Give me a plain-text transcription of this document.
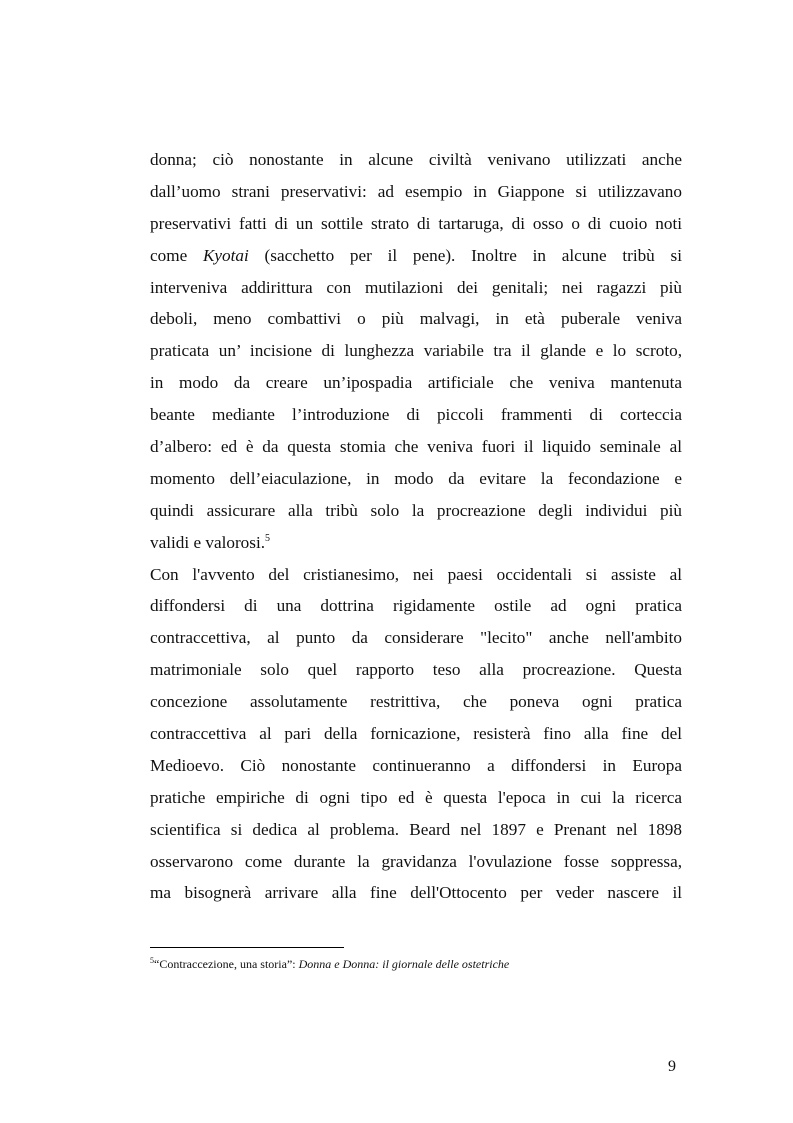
donna; ciò nonostante in alcune civiltà venivano utilizzati anche
dall’uomo strani preservativi: ad esempio in Giappone si utilizzavano
preservativi fatti di un sottile strato di tartaruga, di osso o di cuoio noti
come Kyotai (sacchetto per il pene). Inoltre in alcune tribù si
interveniva addirittura con mutilazioni dei genitali; nei ragazzi più
deboli, meno combattivi o più malvagi, in età puberale veniva
praticata un’ incisione di lunghezza variabile tra il glande e lo scroto,
in modo da creare un’ipospadia artificiale che veniva mantenuta
beante mediante l’introduzione di piccoli frammenti di corteccia
d’albero: ed è da questa stomia che veniva fuori il liquido seminale al
momento dell’eiaculazione, in modo da evitare la fecondazione e
quindi assicurare alla tribù solo la procreazione degli individui più
validi e valorosi.$^5$
Con l'avvento del cristianesimo, nei paesi occidentali si assiste al
diffondersi di una dottrina rigidamente ostile ad ogni pratica
contraccettiva, al punto da considerare "lecito" anche nell'ambito
matrimoniale solo quel rapporto teso alla procreazione. Questa
concezione assolutamente restrittiva, che poneva ogni pratica
contraccettiva al pari della fornicazione, resisterà fino alla fine del
Medioevo. Ciò nonostante continueranno a diffondersi in Europa
pratiche empiriche di ogni tipo ed è questa l'epoca in cui la ricerca
scientifica si dedica al problema. Beard nel 1897 e Prenant nel 1898
osservarono come durante la gravidanza l'ovulazione fosse soppressa,
ma bisognerà arrivare alla fine dell'Ottocento per veder nascere il
$^5$“Contraccezione, una storia”: Donna e Donna: il giornale delle ostetriche
9
